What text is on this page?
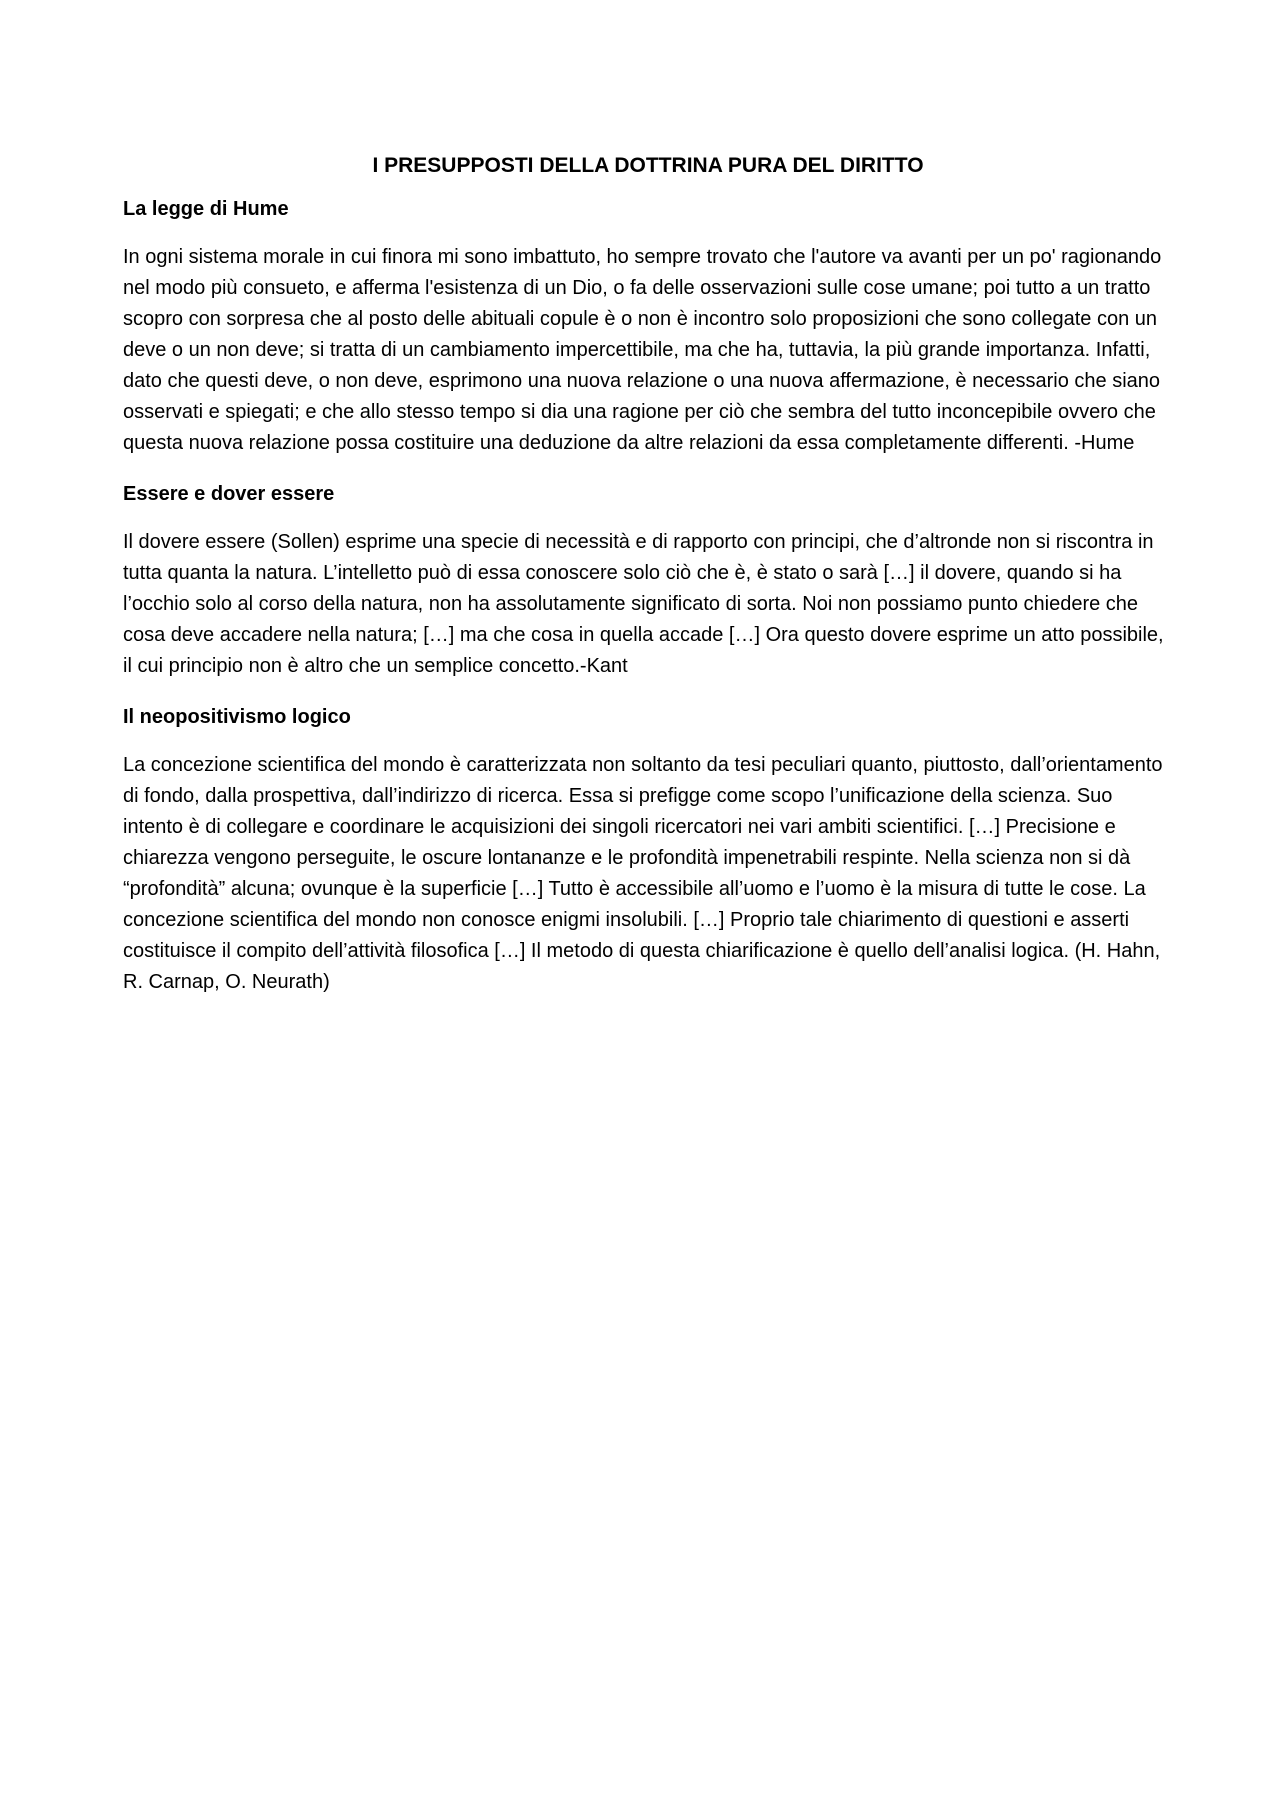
I PRESUPPOSTI DELLA DOTTRINA PURA DEL DIRITTO
La legge di Hume

In ogni sistema morale in cui finora mi sono imbattuto, ho sempre trovato che l'autore va avanti per un po' ragionando nel modo più consueto, e afferma l'esistenza di un Dio, o fa delle osservazioni sulle cose umane; poi tutto a un tratto scopro con sorpresa che al posto delle abituali copule è o non è incontro solo proposizioni che sono collegate con un deve o un non deve; si tratta di un cambiamento impercettibile, ma che ha, tuttavia, la più grande importanza. Infatti, dato che questi deve, o non deve, esprimono una nuova relazione o una nuova affermazione, è necessario che siano osservati e spiegati; e che allo stesso tempo si dia una ragione per ciò che sembra del tutto inconcepibile ovvero che questa nuova relazione possa costituire una deduzione da altre relazioni da essa completamente differenti. -Hume

Essere e dover essere

Il dovere essere (Sollen) esprime una specie di necessità e di rapporto con principi, che d’altronde non si riscontra in tutta quanta la natura. L’intelletto può di essa conoscere solo ciò che è, è stato o sarà […] il dovere, quando si ha l’occhio solo al corso della natura, non ha assolutamente significato di sorta. Noi non possiamo punto chiedere che cosa deve accadere nella natura; […] ma che cosa in quella accade […] Ora questo dovere esprime un atto possibile, il cui principio non è altro che un semplice concetto.-Kant

Il neopositivismo logico

La concezione scientifica del mondo è caratterizzata non soltanto da tesi peculiari quanto, piuttosto, dall’orientamento di fondo, dalla prospettiva, dall’indirizzo di ricerca. Essa si prefigge come scopo l’unificazione della scienza. Suo intento è di collegare e coordinare le acquisizioni dei singoli ricercatori nei vari ambiti scientifici. […] Precisione e chiarezza vengono perseguite, le oscure lontananze e le profondità impenetrabili respinte. Nella scienza non si dà “profondità” alcuna; ovunque è la superficie […] Tutto è accessibile all’uomo e l’uomo è la misura di tutte le cose. La concezione scientifica del mondo non conosce enigmi insolubili. […] Proprio tale chiarimento di questioni e asserti costituisce il compito dell’attività filosofica […] Il metodo di questa chiarificazione è quello dell’analisi logica. (H. Hahn, R. Carnap, O. Neurath)
